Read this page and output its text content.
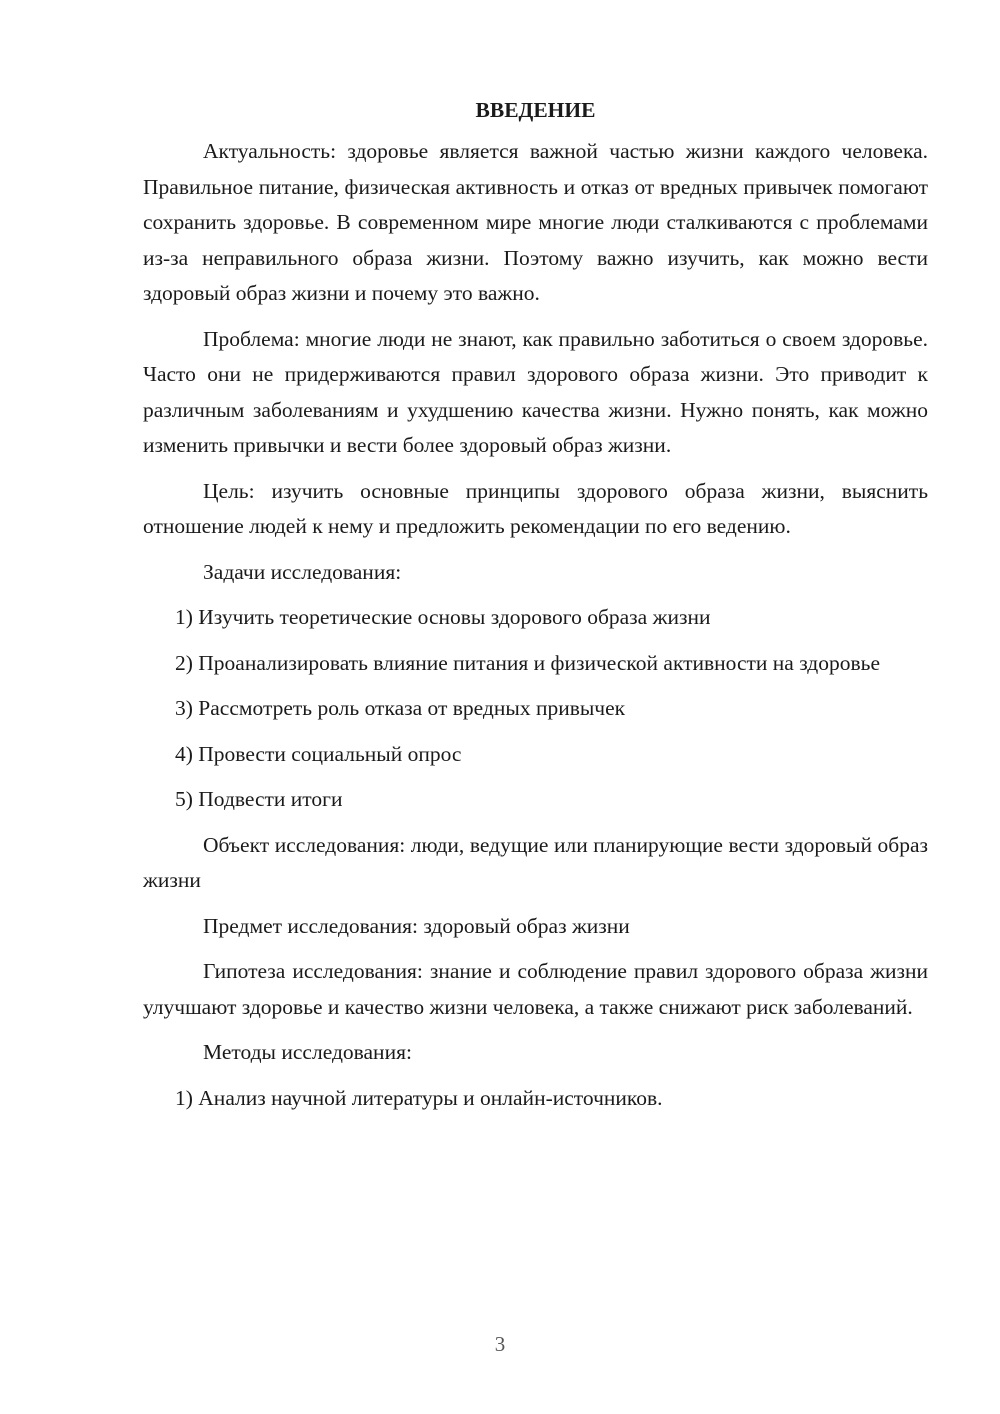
ВВЕДЕНИЕ

Актуальность: здоровье является важной частью жизни каждого человека. Правильное питание, физическая активность и отказ от вредных привычек помогают сохранить здоровье. В современном мире многие люди сталкиваются с проблемами из-за неправильного образа жизни. Поэтому важно изучить, как можно вести здоровый образ жизни и почему это важно.

Проблема: многие люди не знают, как правильно заботиться о своем здоровье. Часто они не придерживаются правил здорового образа жизни. Это приводит к различным заболеваниям и ухудшению качества жизни. Нужно понять, как можно изменить привычки и вести более здоровый образ жизни.

Цель: изучить основные принципы здорового образа жизни, выяснить отношение людей к нему и предложить рекомендации по его ведению.

Задачи исследования:

1) Изучить теоретические основы здорового образа жизни

2) Проанализировать влияние питания и физической активности на здоровье

3) Рассмотреть роль отказа от вредных привычек

4) Провести социальный опрос

5) Подвести итоги

Объект исследования: люди, ведущие или планирующие вести здоровый образ жизни

Предмет исследования: здоровый образ жизни

Гипотеза исследования: знание и соблюдение правил здорового образа жизни улучшают здоровье и качество жизни человека, а также снижают риск заболеваний.

Методы исследования:

1) Анализ научной литературы и онлайн-источников.

3
